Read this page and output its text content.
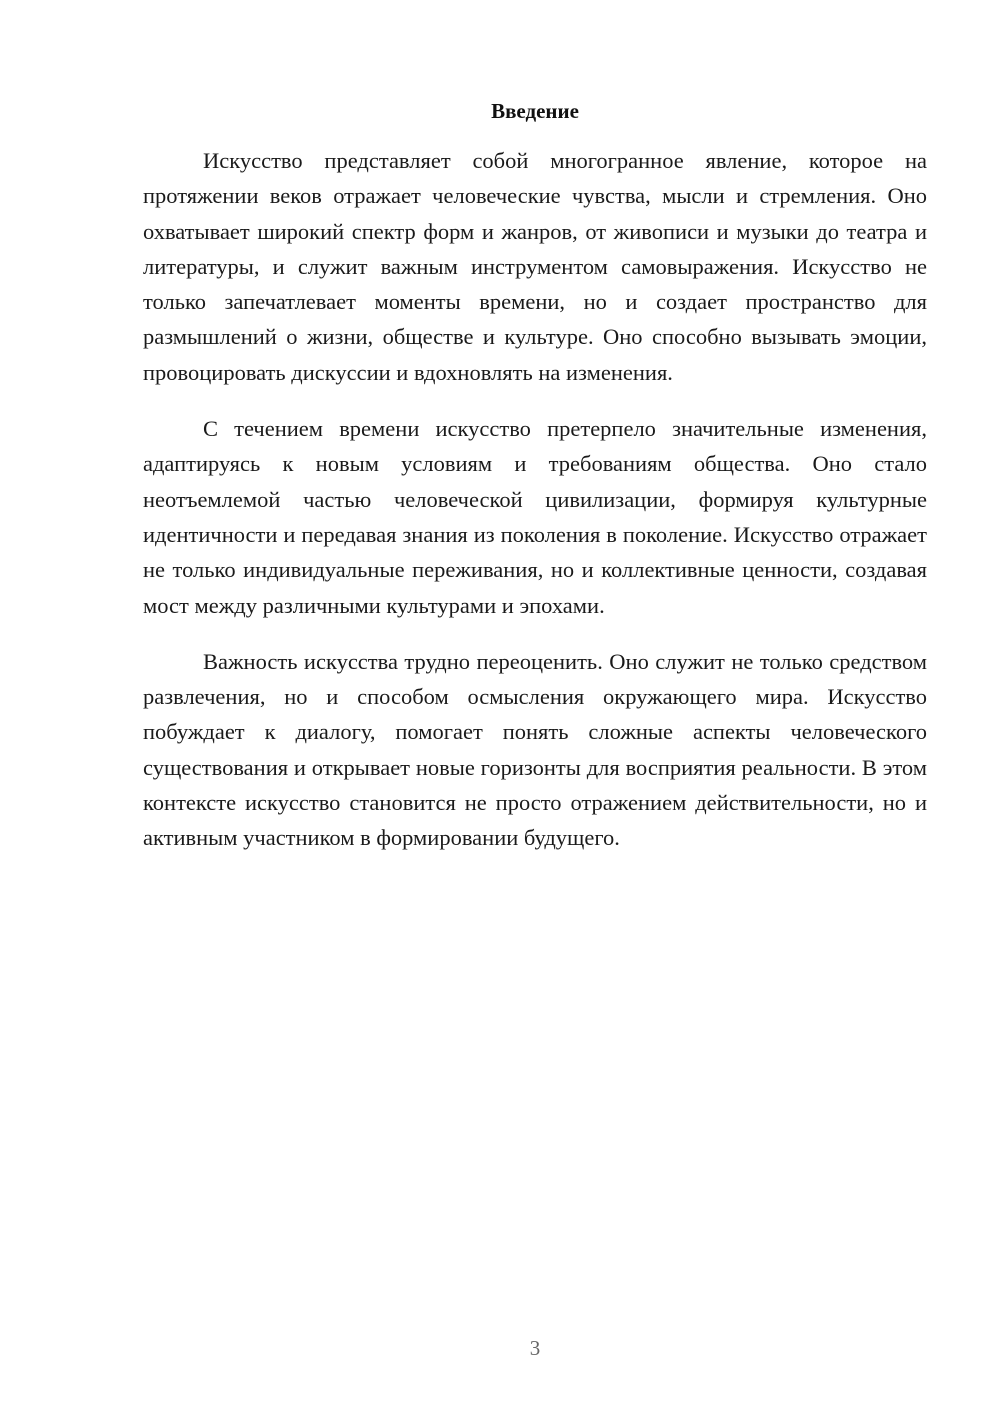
Введение

Искусство представляет собой многогранное явление, которое на протяжении веков отражает человеческие чувства, мысли и стремления. Оно охватывает широкий спектр форм и жанров, от живописи и музыки до театра и литературы, и служит важным инструментом самовыражения. Искусство не только запечатлевает моменты времени, но и создает пространство для размышлений о жизни, обществе и культуре. Оно способно вызывать эмоции, провоцировать дискуссии и вдохновлять на изменения.

С течением времени искусство претерпело значительные изменения, адаптируясь к новым условиям и требованиям общества. Оно стало неотъемлемой частью человеческой цивилизации, формируя культурные идентичности и передавая знания из поколения в поколение. Искусство отражает не только индивидуальные переживания, но и коллективные ценности, создавая мост между различными культурами и эпохами.

Важность искусства трудно переоценить. Оно служит не только средством развлечения, но и способом осмысления окружающего мира. Искусство побуждает к диалогу, помогает понять сложные аспекты человеческого существования и открывает новые горизонты для восприятия реальности. В этом контексте искусство становится не просто отражением действительности, но и активным участником в формировании будущего.

3
